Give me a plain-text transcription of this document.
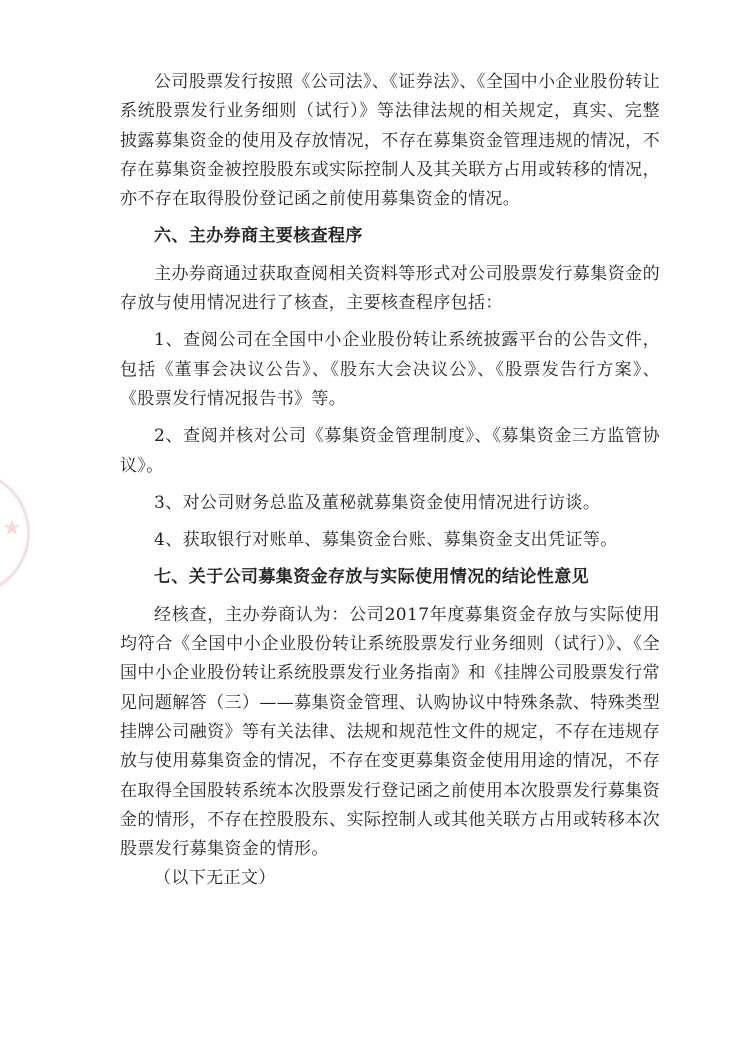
★

公司股票发行按照《公司法》、《证券法》、《全国中小企业股份转让系统股票发行业务细则（试行）》等法律法规的相关规定，真实、完整披露募集资金的使用及存放情况，不存在募集资金管理违规的情况，不存在募集资金被控股股东或实际控制人及其关联方占用或转移的情况，亦不存在取得股份登记函之前使用募集资金的情况。

六、主办券商主要核查程序

主办券商通过获取查阅相关资料等形式对公司股票发行募集资金的存放与使用情况进行了核查，主要核查程序包括：

1、查阅公司在全国中小企业股份转让系统披露平台的公告文件，包括《董事会决议公告》、《股东大会决议公》、《股票发告行方案》、《股票发行情况报告书》等。

2、查阅并核对公司《募集资金管理制度》、《募集资金三方监管协议》。

3、对公司财务总监及董秘就募集资金使用情况进行访谈。

4、获取银行对账单、募集资金台账、募集资金支出凭证等。

七、关于公司募集资金存放与实际使用情况的结论性意见

经核查，主办券商认为：公司2017年度募集资金存放与实际使用均符合《全国中小企业股份转让系统股票发行业务细则（试行）》、《全国中小企业股份转让系统股票发行业务指南》和《挂牌公司股票发行常见问题解答（三）——募集资金管理、认购协议中特殊条款、特殊类型挂牌公司融资》等有关法律、法规和规范性文件的规定，不存在违规存放与使用募集资金的情况，不存在变更募集资金使用用途的情况，不存在取得全国股转系统本次股票发行登记函之前使用本次股票发行募集资金的情形，不存在控股股东、实际控制人或其他关联方占用或转移本次股票发行募集资金的情形。

（以下无正文）
